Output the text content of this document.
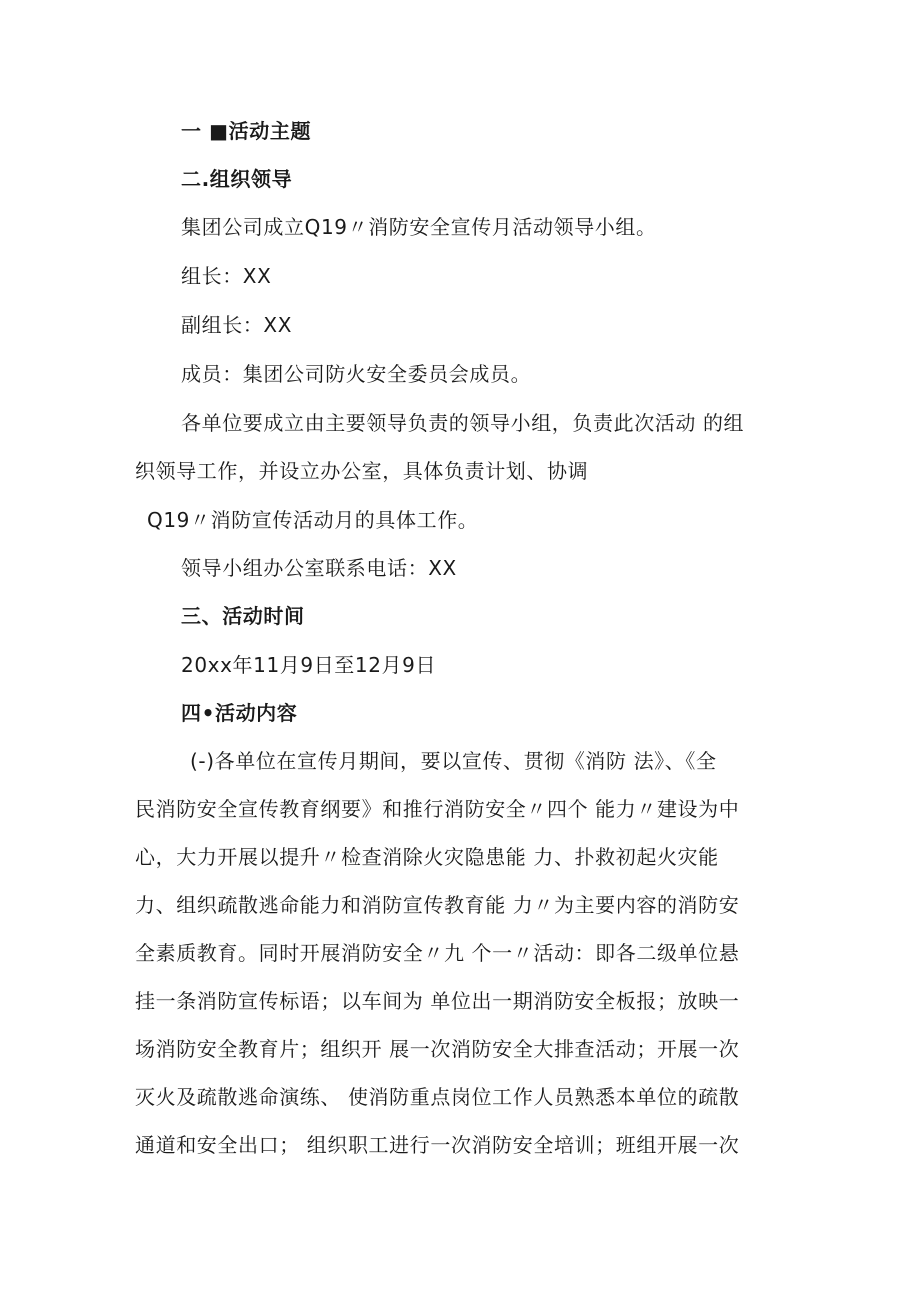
一 ■活动主题
二.组织领导
集团公司成立Q19〃消防安全宣传月活动领导小组。
组长：XX
副组长：XX
成员：集团公司防火安全委员会成员。
各单位要成立由主要领导负责的领导小组，负责此次活动 的组
织领导工作，并设立办公室，具体负责计划、协调
Q19〃消防宣传活动月的具体工作。
领导小组办公室联系电话：XX
三、活动时间
20xx年11月9日至12月9日
四•活动内容
(-)各单位在宣传月期间，要以宣传、贯彻《消防 法》、《全
民消防安全宣传教育纲要》和推行消防安全〃四个 能力〃建设为中
心，大力开展以提升〃检查消除火灾隐患能 力、扑救初起火灾能
力、组织疏散逃命能力和消防宣传教育能 力〃为主要内容的消防安
全素质教育。同时开展消防安全〃九 个一〃活动：即各二级单位悬
挂一条消防宣传标语；以车间为 单位出一期消防安全板报；放映一
场消防安全教育片；组织开 展一次消防安全大排查活动；开展一次
灭火及疏散逃命演练、 使消防重点岗位工作人员熟悉本单位的疏散
通道和安全出口； 组织职工进行一次消防安全培训；班组开展一次
